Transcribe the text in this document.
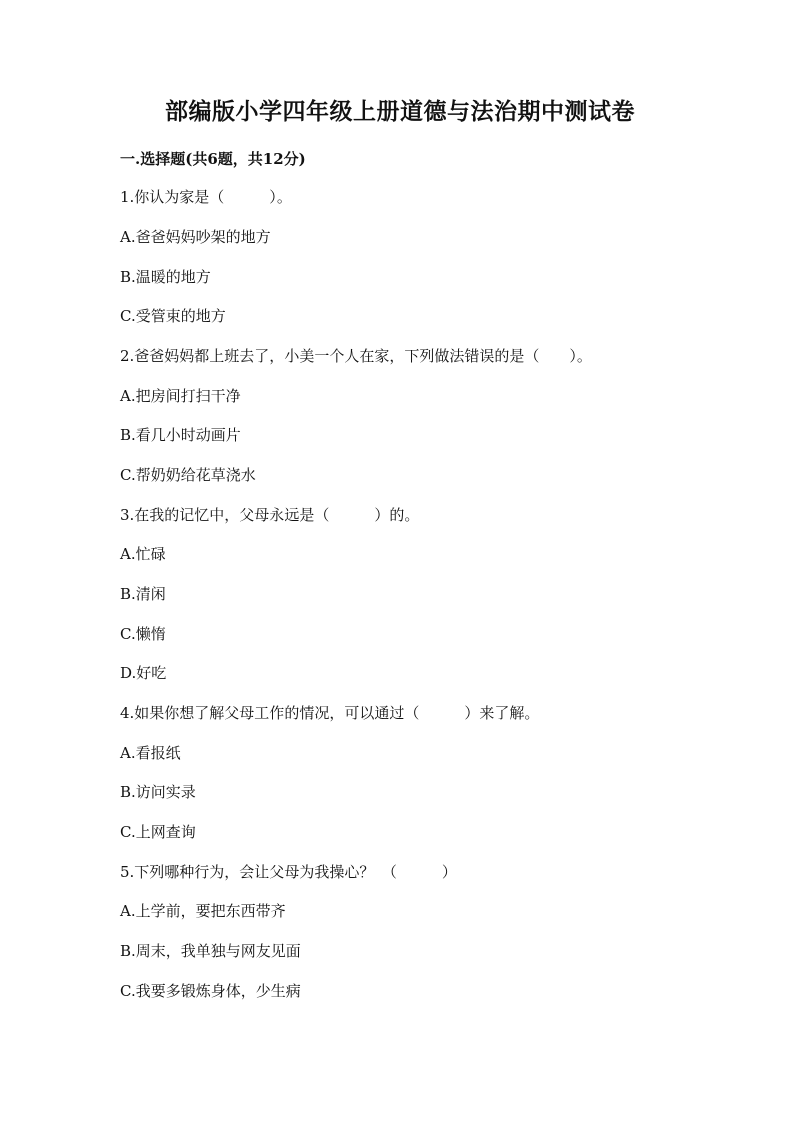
部编版小学四年级上册道德与法治期中测试卷
一.选择题(共6题，共12分)
1.你认为家是（　　　）。
A.爸爸妈妈吵架的地方
B.温暖的地方
C.受管束的地方
2.爸爸妈妈都上班去了，小美一个人在家，下列做法错误的是（　　）。
A.把房间打扫干净
B.看几小时动画片
C.帮奶奶给花草浇水
3.在我的记忆中，父母永远是（　　　）的。
A.忙碌
B.清闲
C.懒惰
D.好吃
4.如果你想了解父母工作的情况，可以通过（　　　）来了解。
A.看报纸
B.访问实录
C.上网查询
5.下列哪种行为，会让父母为我操心？　（　　　）
A.上学前，要把东西带齐
B.周末，我单独与网友见面
C.我要多锻炼身体，少生病
